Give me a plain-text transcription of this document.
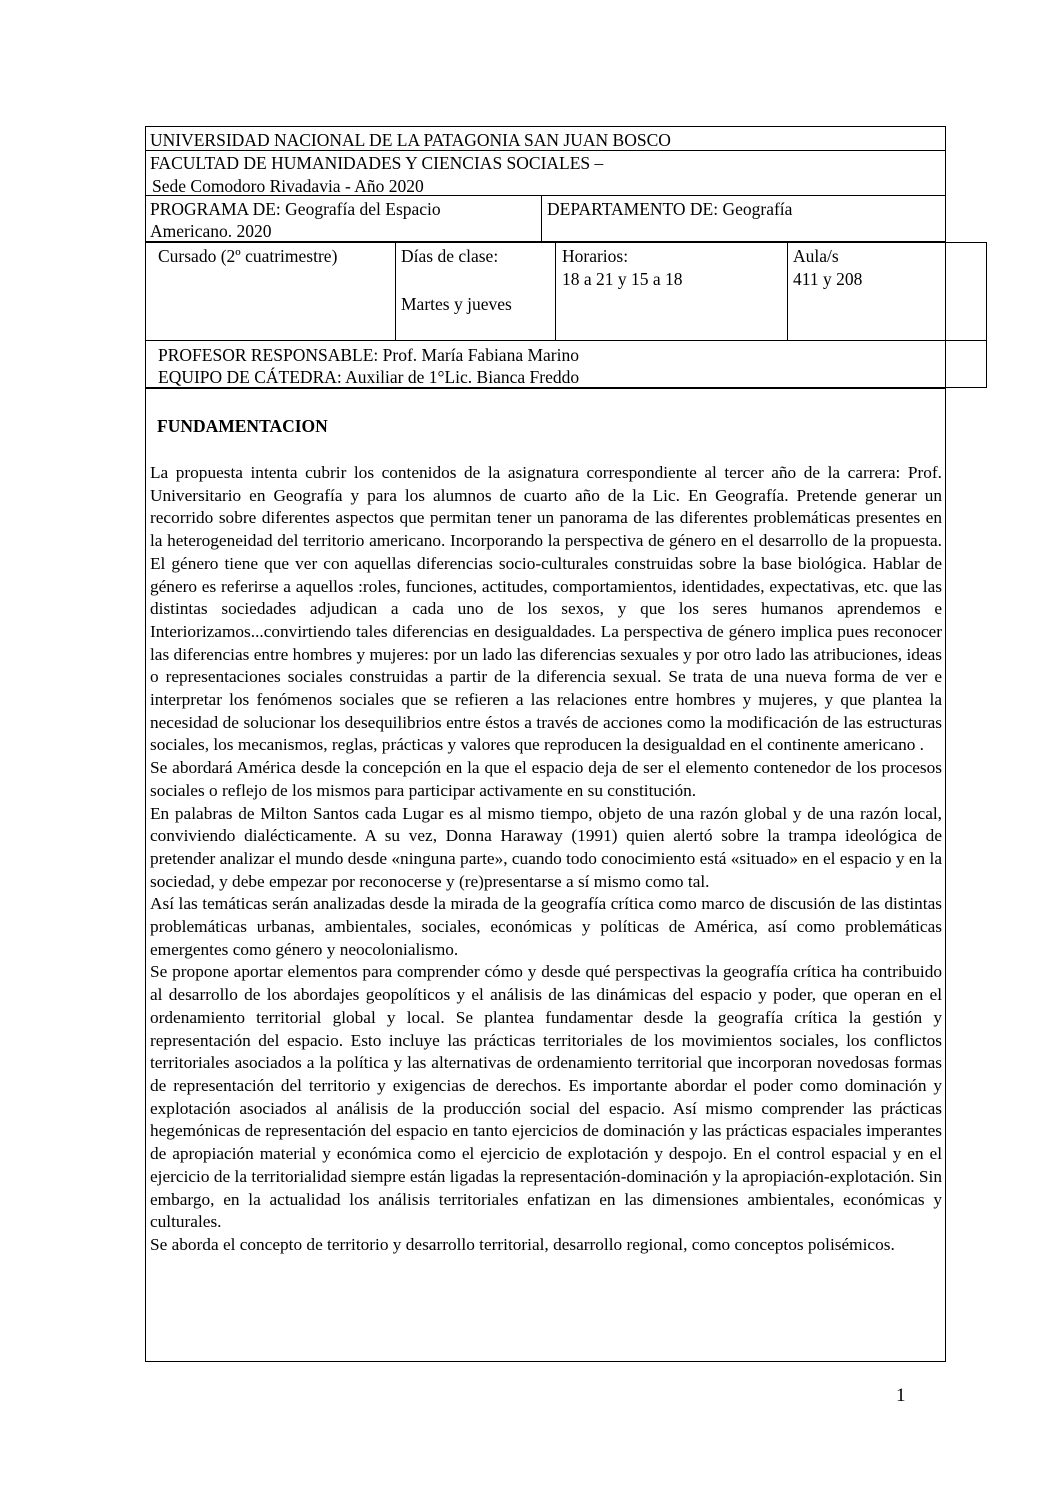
UNIVERSIDAD NACIONAL DE LA PATAGONIA SAN JUAN BOSCO
FACULTAD DE HUMANIDADES Y CIENCIAS SOCIALES –
Sede Comodoro Rivadavia - Año 2020
PROGRAMA DE: Geografía del Espacio
Americano. 2020
DEPARTAMENTO DE: Geografía
Cursado (2º cuatrimestre)	Días de clase:
Martes y jueves
Horarios:
18 a 21 y 15 a 18
Aula/s
411 y 208
PROFESOR RESPONSABLE: Prof. María Fabiana Marino
EQUIPO DE CÁTEDRA: Auxiliar de 1°Lic. Bianca Freddo
FUNDAMENTACION

La propuesta intenta cubrir los contenidos de la asignatura correspondiente al tercer año de la carrera: Prof. Universitario en Geografía y para los alumnos de cuarto año de la Lic. En Geografía. Pretende generar un recorrido sobre diferentes aspectos que permitan tener un panorama de las diferentes problemáticas presentes en la heterogeneidad del territorio americano. Incorporando la perspectiva de género en el desarrollo de la propuesta. El género tiene que ver con aquellas diferencias socio-culturales construidas sobre la base biológica. Hablar de género es referirse a aquellos :roles, funciones, actitudes, comportamientos, identidades, expectativas, etc. que las distintas sociedades adjudican a cada uno de los sexos, y que los seres humanos aprendemos e Interiorizamos...convirtiendo tales diferencias en desigualdades. La perspectiva de género implica pues reconocer las diferencias entre hombres y mujeres: por un lado las diferencias sexuales y por otro lado las atribuciones, ideas o representaciones sociales construidas a partir de la diferencia sexual. Se trata de una nueva forma de ver e interpretar los fenómenos sociales que se refieren a las relaciones entre hombres y mujeres, y que plantea la necesidad de solucionar los desequilibrios entre éstos a través de acciones como la modificación de las estructuras sociales, los mecanismos, reglas, prácticas y valores que reproducen la desigualdad en el continente americano .

Se abordará América desde la concepción en la que el espacio deja de ser el elemento contenedor de los procesos sociales o reflejo de los mismos para participar activamente en su constitución.

En palabras de Milton Santos cada Lugar es al mismo tiempo, objeto de una razón global y de una razón local, conviviendo dialécticamente. A su vez, Donna Haraway (1991) quien alertó sobre la trampa ideológica de pretender analizar el mundo desde «ninguna parte», cuando todo conocimiento está «situado» en el espacio y en la sociedad, y debe empezar por reconocerse y (re)presentarse a sí mismo como tal.

Así las temáticas serán analizadas desde la mirada de la geografía crítica como marco de discusión de las distintas problemáticas urbanas, ambientales, sociales, económicas y políticas de América, así como problemáticas emergentes como género y neocolonialismo.

Se propone aportar elementos para comprender cómo y desde qué perspectivas la geografía crítica ha contribuido al desarrollo de los abordajes geopolíticos y el análisis de las dinámicas del espacio y poder, que operan en el ordenamiento territorial global y local. Se plantea fundamentar desde la geografía crítica la gestión y representación del espacio. Esto incluye las prácticas territoriales de los movimientos sociales, los conflictos territoriales asociados a la política y las alternativas de ordenamiento territorial que incorporan novedosas formas de representación del territorio y exigencias de derechos. Es importante abordar el poder como dominación y explotación asociados al análisis de la producción social del espacio. Así mismo comprender las prácticas hegemónicas de representación del espacio en tanto ejercicios de dominación y las prácticas espaciales imperantes de apropiación material y económica como el ejercicio de explotación y despojo. En el control espacial y en el ejercicio de la territorialidad siempre están ligadas la representación-dominación y la apropiación-explotación. Sin embargo, en la actualidad los análisis territoriales enfatizan en las dimensiones ambientales, económicas y culturales.

Se aborda el concepto de territorio y desarrollo territorial, desarrollo regional, como conceptos polisémicos.

1
